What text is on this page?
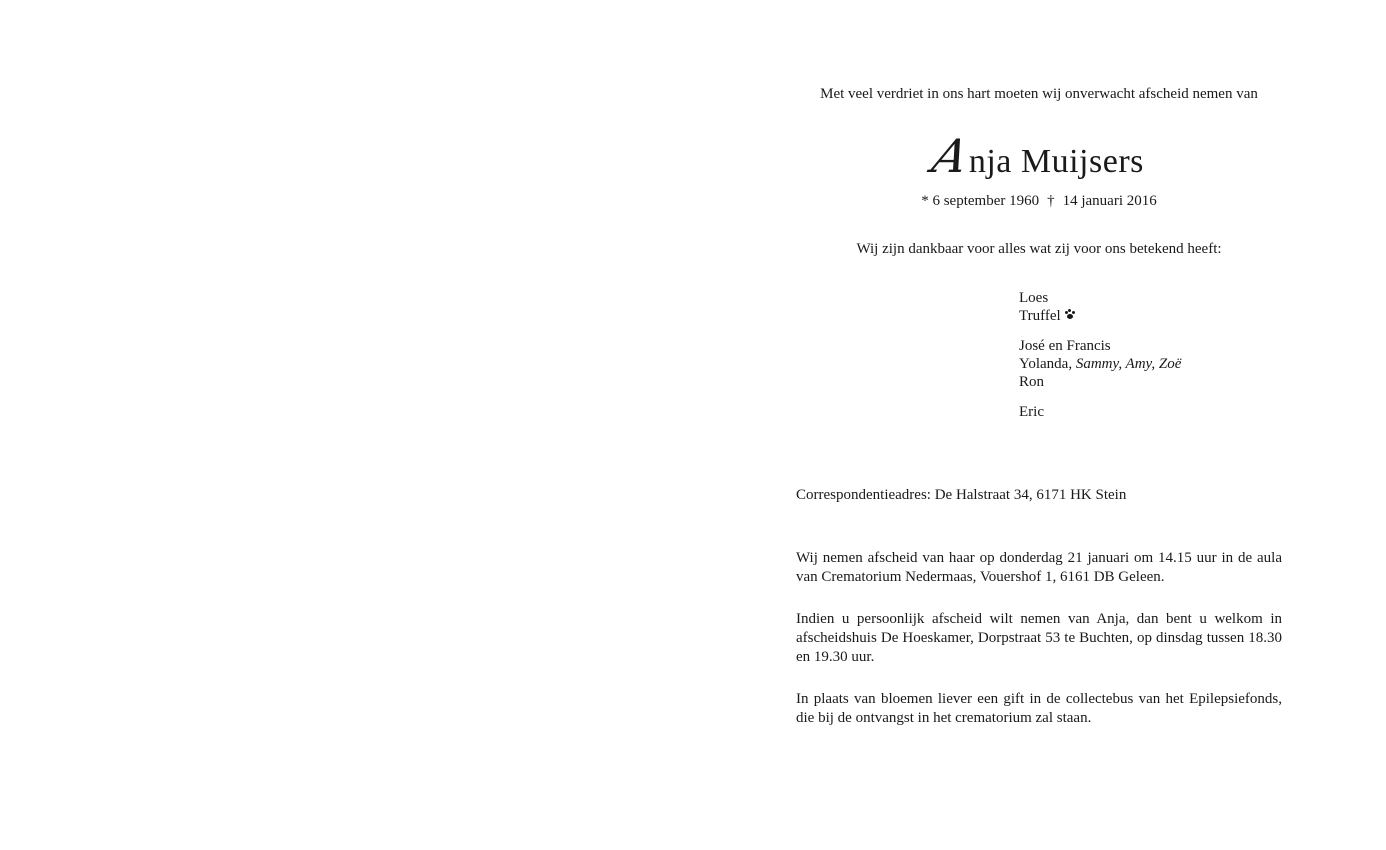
Met veel verdriet in ons hart moeten wij onverwacht afscheid nemen van
Anja Muijsers
* 6 september 1960 † 14 januari 2016
Wij zijn dankbaar voor alles wat zij voor ons betekend heeft:
Loes
Truffel
José en Francis
Yolanda, Sammy, Amy, Zoë
Ron
Eric
Correspondentieadres: De Halstraat 34, 6171 HK Stein
Wij nemen afscheid van haar op donderdag 21 januari om 14.15 uur in de aula van Crematorium Nedermaas, Vouershof 1, 6161 DB Geleen.
Indien u persoonlijk afscheid wilt nemen van Anja, dan bent u welkom in afscheidshuis De Hoeskamer, Dorpstraat 53 te Buchten, op dinsdag tussen 18.30 en 19.30 uur.
In plaats van bloemen liever een gift in de collectebus van het Epilepsiefonds, die bij de ontvangst in het crematorium zal staan.
